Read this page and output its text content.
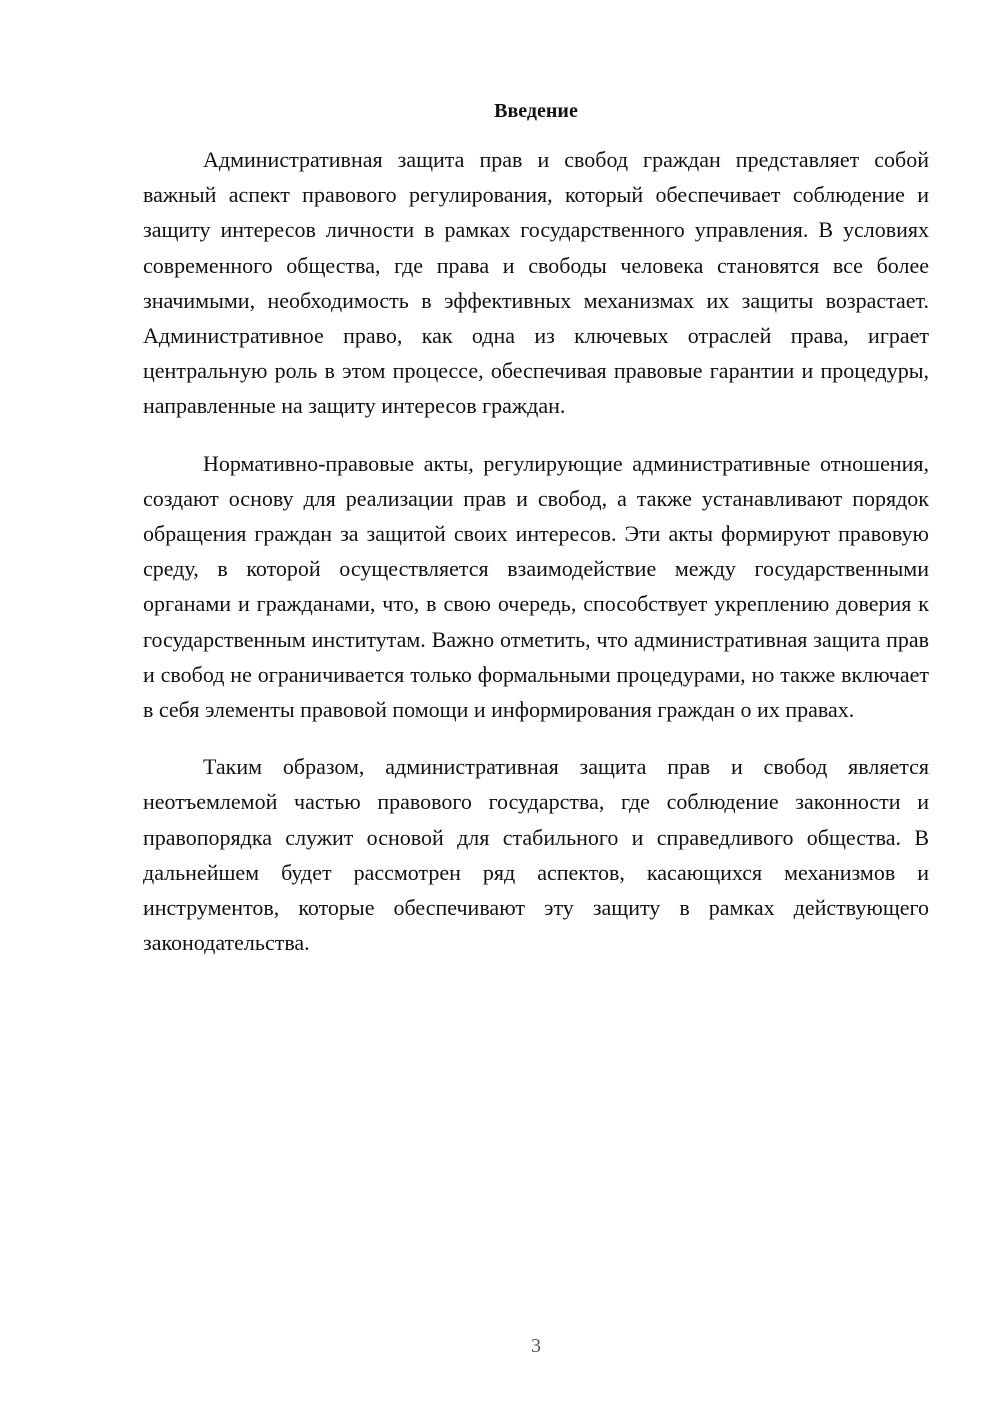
Введение

Административная защита прав и свобод граждан представляет собой важный аспект правового регулирования, который обеспечивает соблюдение и защиту интересов личности в рамках государственного управления. В условиях современного общества, где права и свободы человека становятся все более значимыми, необходимость в эффективных механизмах их защиты возрастает. Административное право, как одна из ключевых отраслей права, играет центральную роль в этом процессе, обеспечивая правовые гарантии и процедуры, направленные на защиту интересов граждан.

Нормативно-правовые акты, регулирующие административные отношения, создают основу для реализации прав и свобод, а также устанавливают порядок обращения граждан за защитой своих интересов. Эти акты формируют правовую среду, в которой осуществляется взаимодействие между государственными органами и гражданами, что, в свою очередь, способствует укреплению доверия к государственным институтам. Важно отметить, что административная защита прав и свобод не ограничивается только формальными процедурами, но также включает в себя элементы правовой помощи и информирования граждан о их правах.

Таким образом, административная защита прав и свобод является неотъемлемой частью правового государства, где соблюдение законности и правопорядка служит основой для стабильного и справедливого общества. В дальнейшем будет рассмотрен ряд аспектов, касающихся механизмов и инструментов, которые обеспечивают эту защиту в рамках действующего законодательства.

3
